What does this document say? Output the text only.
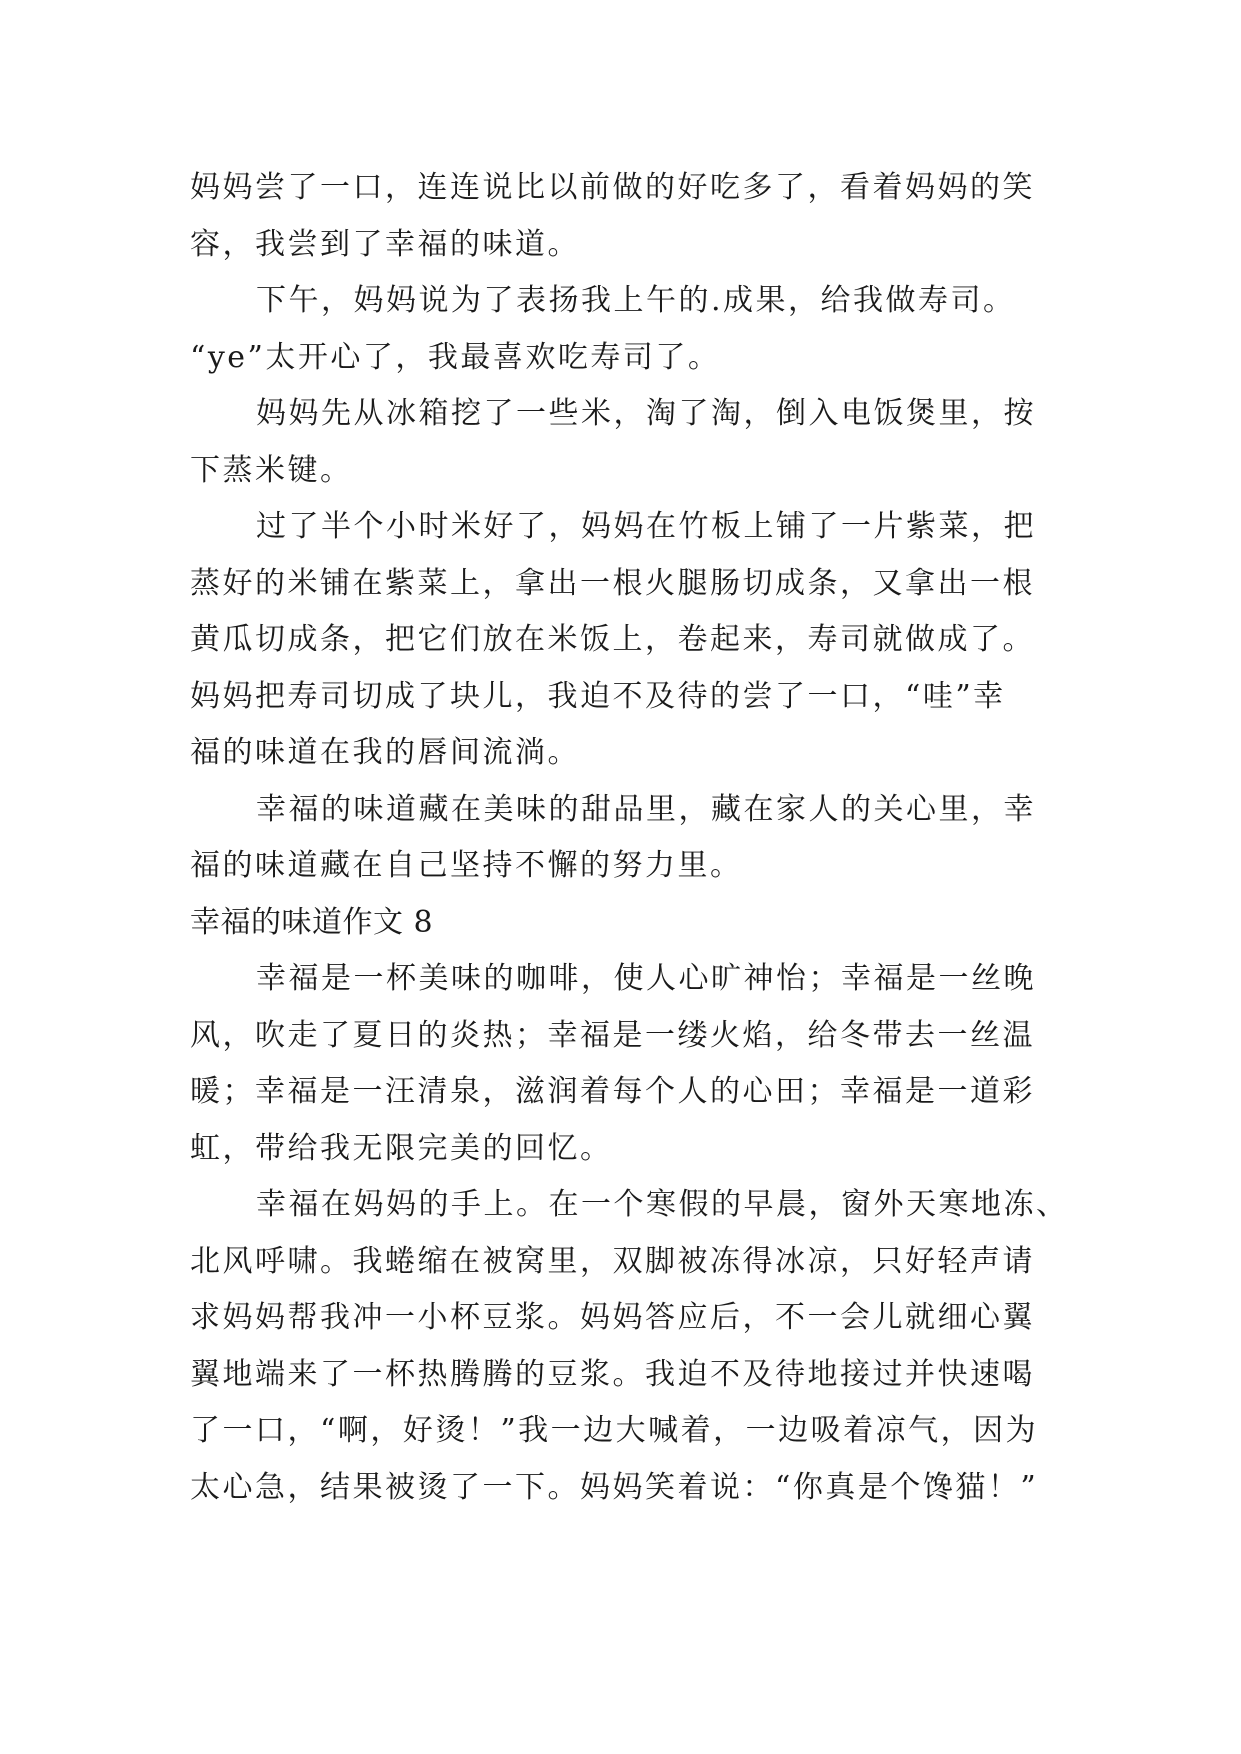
妈妈尝了一口，连连说比以前做的好吃多了，看着妈妈的笑
容，我尝到了幸福的味道。
下午，妈妈说为了表扬我上午的.成果，给我做寿司。
“ye”太开心了，我最喜欢吃寿司了。
妈妈先从冰箱挖了一些米，淘了淘，倒入电饭煲里，按
下蒸米键。
过了半个小时米好了，妈妈在竹板上铺了一片紫菜，把
蒸好的米铺在紫菜上，拿出一根火腿肠切成条，又拿出一根
黄瓜切成条，把它们放在米饭上，卷起来，寿司就做成了。
妈妈把寿司切成了块儿，我迫不及待的尝了一口，“哇”幸
福的味道在我的唇间流淌。
幸福的味道藏在美味的甜品里，藏在家人的关心里，幸
福的味道藏在自己坚持不懈的努力里。
幸福的味道作文 8
幸福是一杯美味的咖啡，使人心旷神怡；幸福是一丝晚
风，吹走了夏日的炎热；幸福是一缕火焰，给冬带去一丝温
暖；幸福是一汪清泉，滋润着每个人的心田；幸福是一道彩
虹，带给我无限完美的回忆。
幸福在妈妈的手上。在一个寒假的早晨，窗外天寒地冻、
北风呼啸。我蜷缩在被窝里，双脚被冻得冰凉，只好轻声请
求妈妈帮我冲一小杯豆浆。妈妈答应后，不一会儿就细心翼
翼地端来了一杯热腾腾的豆浆。我迫不及待地接过并快速喝
了一口，“啊，好烫！”我一边大喊着，一边吸着凉气，因为
太心急，结果被烫了一下。妈妈笑着说：“你真是个馋猫！”
